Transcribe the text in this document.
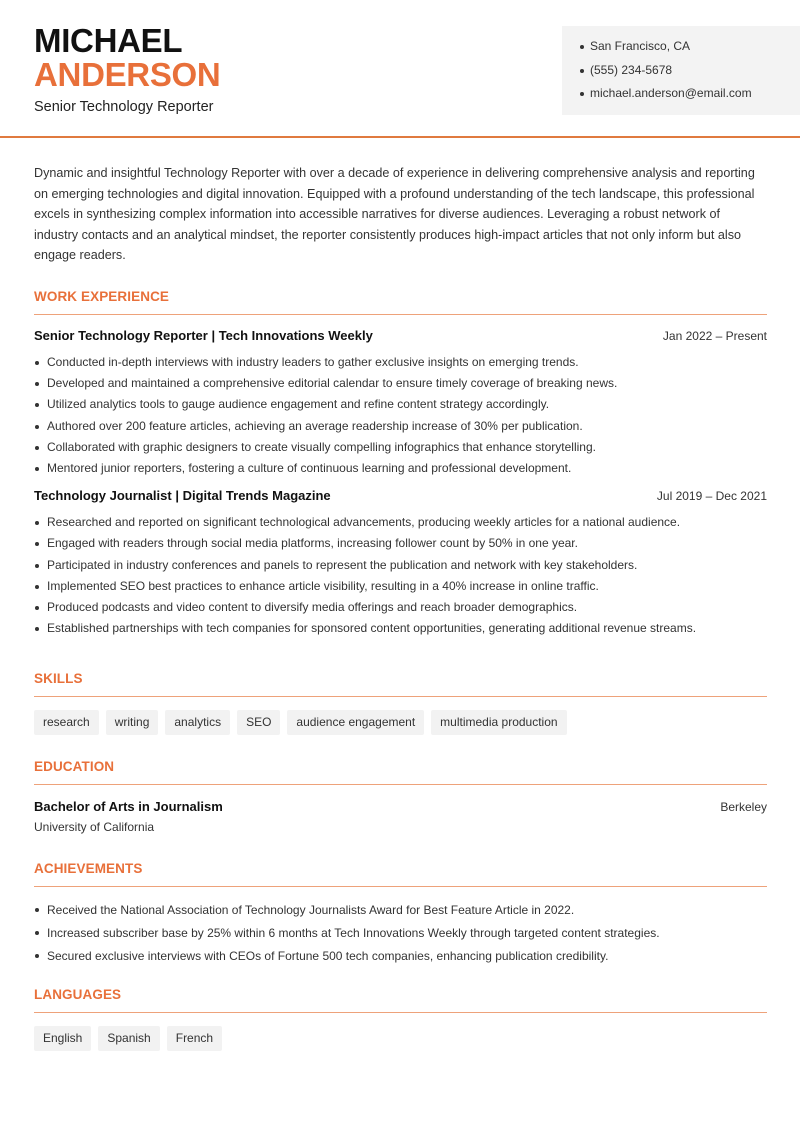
MICHAEL
ANDERSON
Senior Technology Reporter
San Francisco, CA
(555) 234-5678
michael.anderson@email.com

Dynamic and insightful Technology Reporter with over a decade of experience in delivering comprehensive analysis and reporting on emerging technologies and digital innovation. Equipped with a profound understanding of the tech landscape, this professional excels in synthesizing complex information into accessible narratives for diverse audiences. Leveraging a robust network of industry contacts and an analytical mindset, the reporter consistently produces high-impact articles that not only inform but also engage readers.

WORK EXPERIENCE
Senior Technology Reporter | Tech Innovations Weekly	Jan 2022 – Present
Conducted in-depth interviews with industry leaders to gather exclusive insights on emerging trends.
Developed and maintained a comprehensive editorial calendar to ensure timely coverage of breaking news.
Utilized analytics tools to gauge audience engagement and refine content strategy accordingly.
Authored over 200 feature articles, achieving an average readership increase of 30% per publication.
Collaborated with graphic designers to create visually compelling infographics that enhance storytelling.
Mentored junior reporters, fostering a culture of continuous learning and professional development.
Technology Journalist | Digital Trends Magazine	Jul 2019 – Dec 2021
Researched and reported on significant technological advancements, producing weekly articles for a national audience.
Engaged with readers through social media platforms, increasing follower count by 50% in one year.
Participated in industry conferences and panels to represent the publication and network with key stakeholders.
Implemented SEO best practices to enhance article visibility, resulting in a 40% increase in online traffic.
Produced podcasts and video content to diversify media offerings and reach broader demographics.
Established partnerships with tech companies for sponsored content opportunities, generating additional revenue streams.
SKILLS
research	writing	analytics	SEO	audience engagement	multimedia production
EDUCATION
Bachelor of Arts in Journalism	Berkeley
University of California
ACHIEVEMENTS
Received the National Association of Technology Journalists Award for Best Feature Article in 2022.
Increased subscriber base by 25% within 6 months at Tech Innovations Weekly through targeted content strategies.
Secured exclusive interviews with CEOs of Fortune 500 tech companies, enhancing publication credibility.
LANGUAGES
English	Spanish	French
